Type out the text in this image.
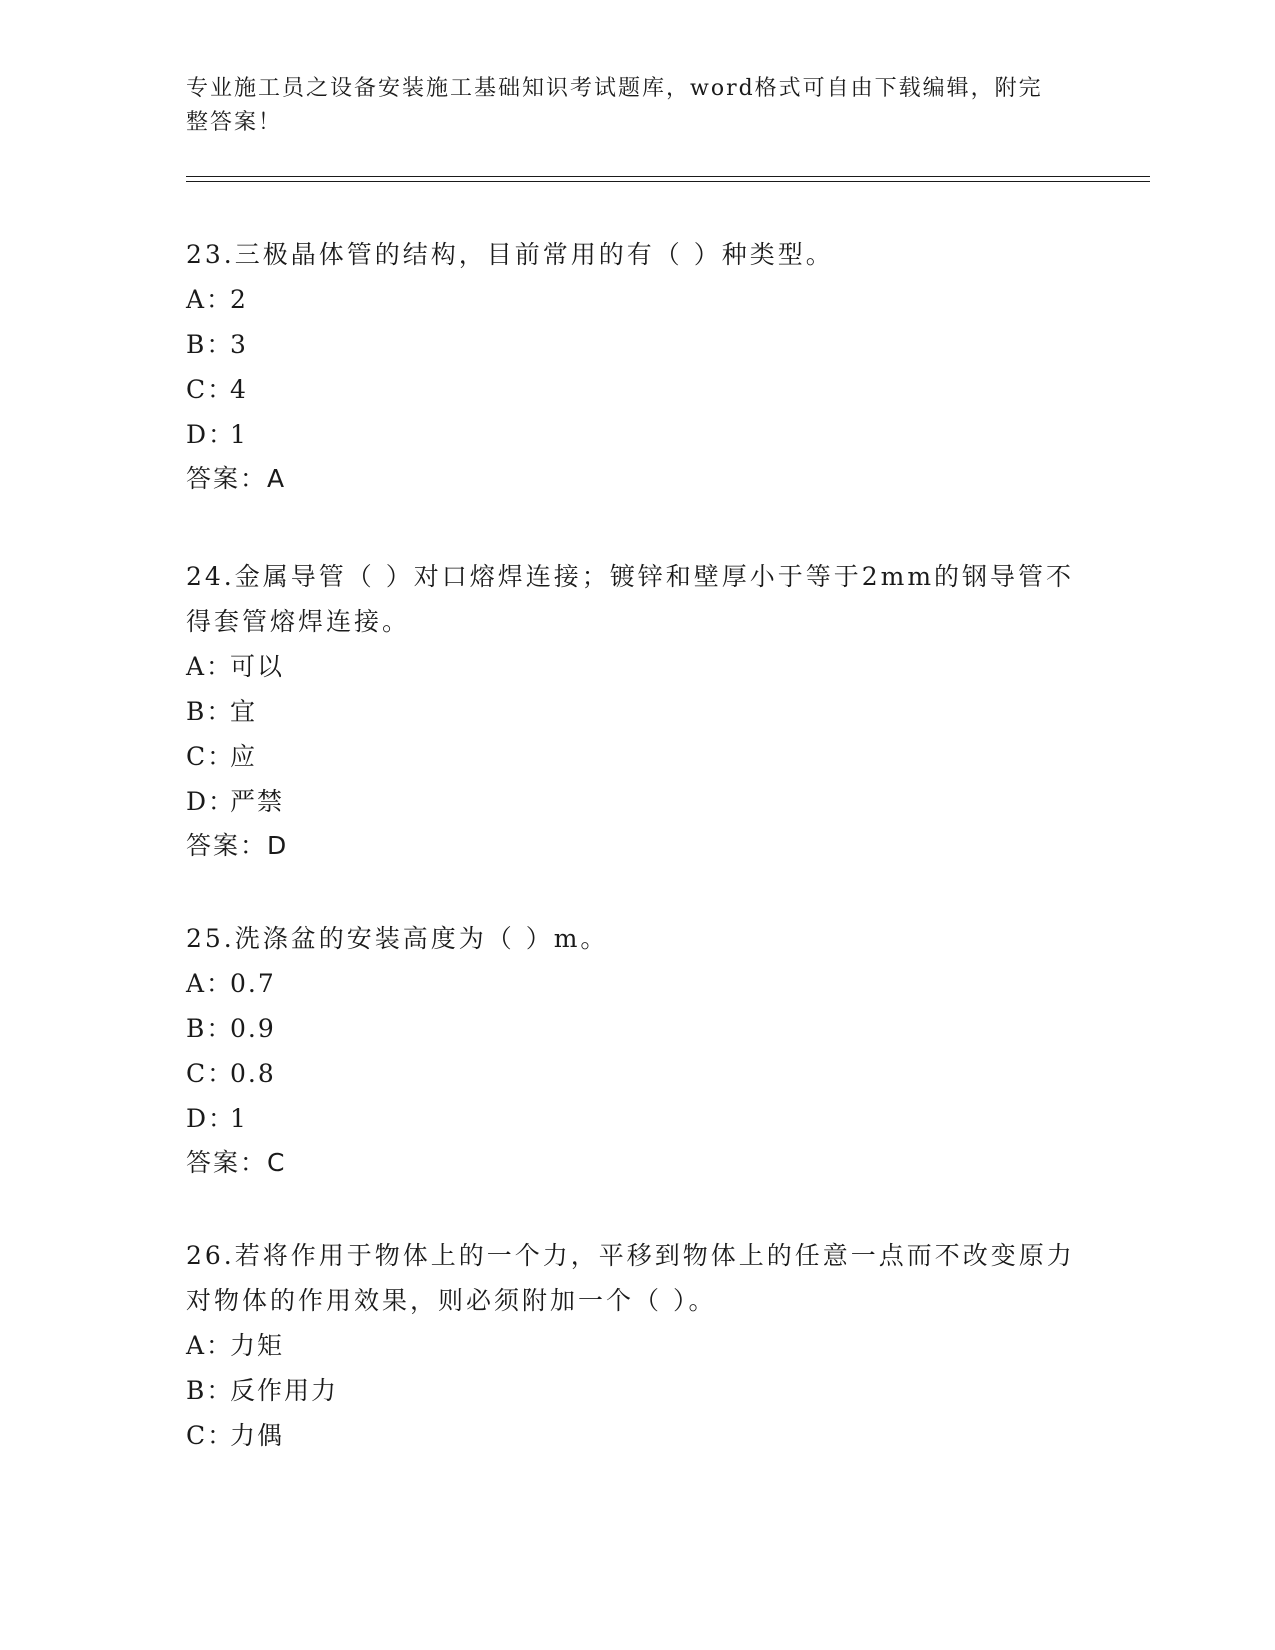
专业施工员之设备安装施工基础知识考试题库，word格式可自由下载编辑，附完整答案！
23.三极晶体管的结构，目前常用的有（ ）种类型。
A：2
B：3
C：4
D：1
答案：A
24.金属导管（ ）对口熔焊连接；镀锌和壁厚小于等于2mm的钢导管不得套管熔焊连接。
A：可以
B：宜
C：应
D：严禁
答案：D
25.洗涤盆的安装高度为（ ）m。
A：0.7
B：0.9
C：0.8
D：1
答案：C
26.若将作用于物体上的一个力，平移到物体上的任意一点而不改变原力对物体的作用效果，则必须附加一个（ ）。
A：力矩
B：反作用力
C：力偶
